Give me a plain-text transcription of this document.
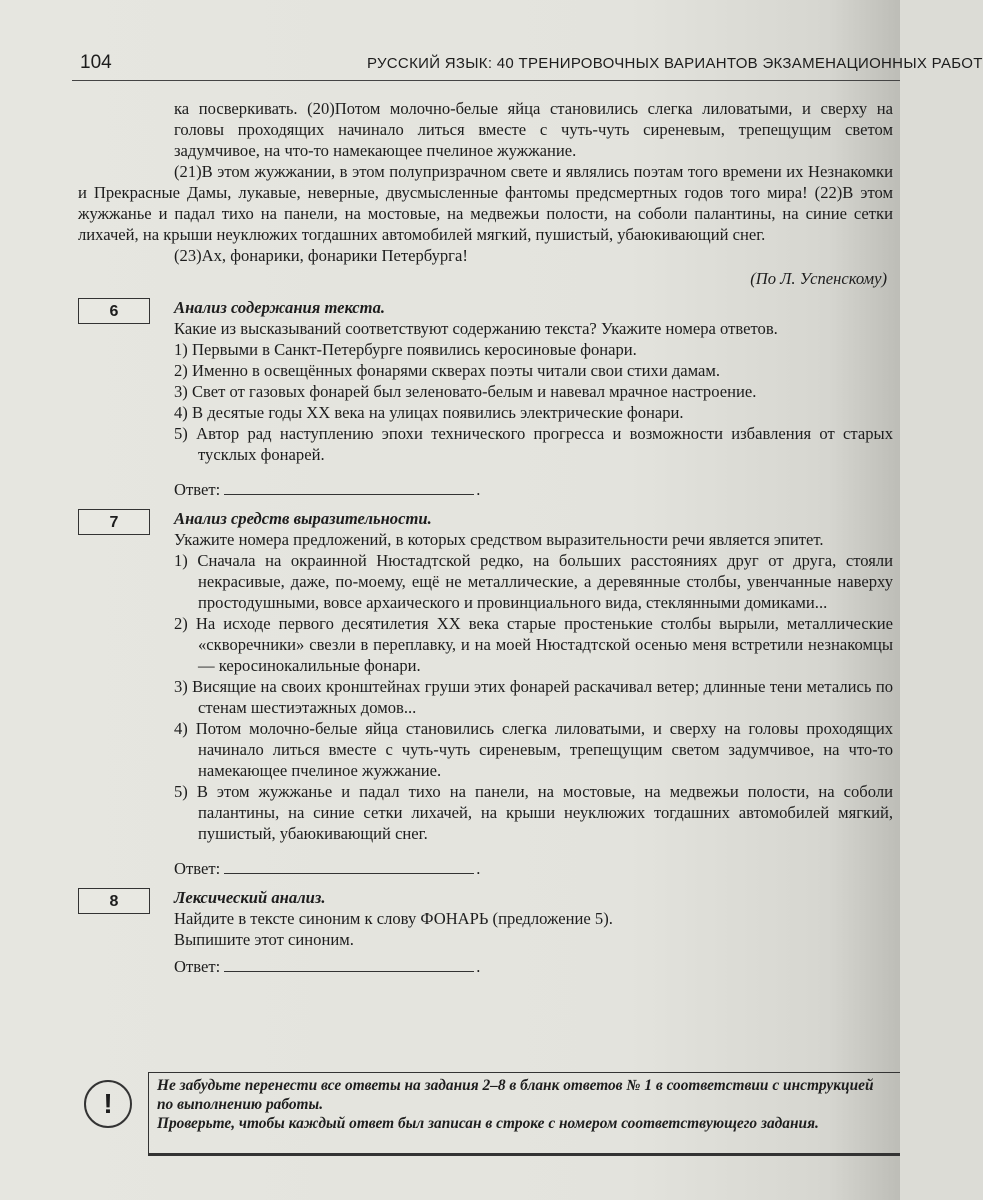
104	РУССКИЙ ЯЗЫК: 40 ТРЕНИРОВОЧНЫХ ВАРИАНТОВ ЭКЗАМЕНАЦИОННЫХ РАБОТ

ка посверкивать. (20)Потом молочно-белые яйца становились слегка лиловатыми, и сверху на головы проходящих начинало литься вместе с чуть-чуть сиреневым, трепещущим светом задумчивое, на что-то намекающее пчелиное жужжание.

(21)В этом жужжании, в этом полупризрачном свете и являлись поэтам того времени их Незнакомки и Прекрасные Дамы, лукавые, неверные, двусмысленные фантомы предсмертных годов того мира! (22)В этом жужжанье и падал тихо на панели, на мостовые, на медвежьи полости, на соболи палантины, на синие сетки лихачей, на крыши неуклюжих тогдашних автомобилей мягкий, пушистый, убаюкивающий снег.

(23)Ах, фонарики, фонарики Петербурга!

(По Л. Успенскому)

6	Анализ содержания текста.
Какие из высказываний соответствуют содержанию текста? Укажите номера ответов.
1) Первыми в Санкт-Петербурге появились керосиновые фонари.
2) Именно в освещённых фонарями скверах поэты читали свои стихи дамам.
3) Свет от газовых фонарей был зеленовато-белым и навевал мрачное настроение.
4) В десятые годы XX века на улицах появились электрические фонари.
5) Автор рад наступлению эпохи технического прогресса и возможности избавления от старых тусклых фонарей.
Ответ:	.
7	Анализ средств выразительности.
Укажите номера предложений, в которых средством выразительности речи является эпитет.
1) Сначала на окраинной Нюстадтской редко, на больших расстояниях друг от друга, стояли некрасивые, даже, по-моему, ещё не металлические, а деревянные столбы, увенчанные наверху простодушными, вовсе архаического и провинциального вида, стеклянными домиками...
2) На исходе первого десятилетия XX века старые простенькие столбы вырыли, металлические «скворечники» свезли в переплавку, и на моей Нюстадтской осенью меня встретили незнакомцы — керосинокалильные фонари.
3) Висящие на своих кронштейнах груши этих фонарей раскачивал ветер; длинные тени метались по стенам шестиэтажных домов...
4) Потом молочно-белые яйца становились слегка лиловатыми, и сверху на головы проходящих начинало литься вместе с чуть-чуть сиреневым, трепещущим светом задумчивое, на что-то намекающее пчелиное жужжание.
5) В этом жужжанье и падал тихо на панели, на мостовые, на медвежьи полости, на соболи палантины, на синие сетки лихачей, на крыши неуклюжих тогдашних автомобилей мягкий, пушистый, убаюкивающий снег.
Ответ:	.
8	Лексический анализ.
Найдите в тексте синоним к слову ФОНАРЬ (предложение 5).
Выпишите этот синоним.
Ответ:	.
!
Не забудьте перенести все ответы на задания 2–8 в бланк ответов № 1 в соответствии с инструкцией по выполнению работы.
Проверьте, чтобы каждый ответ был записан в строке с номером соответствующего задания.
